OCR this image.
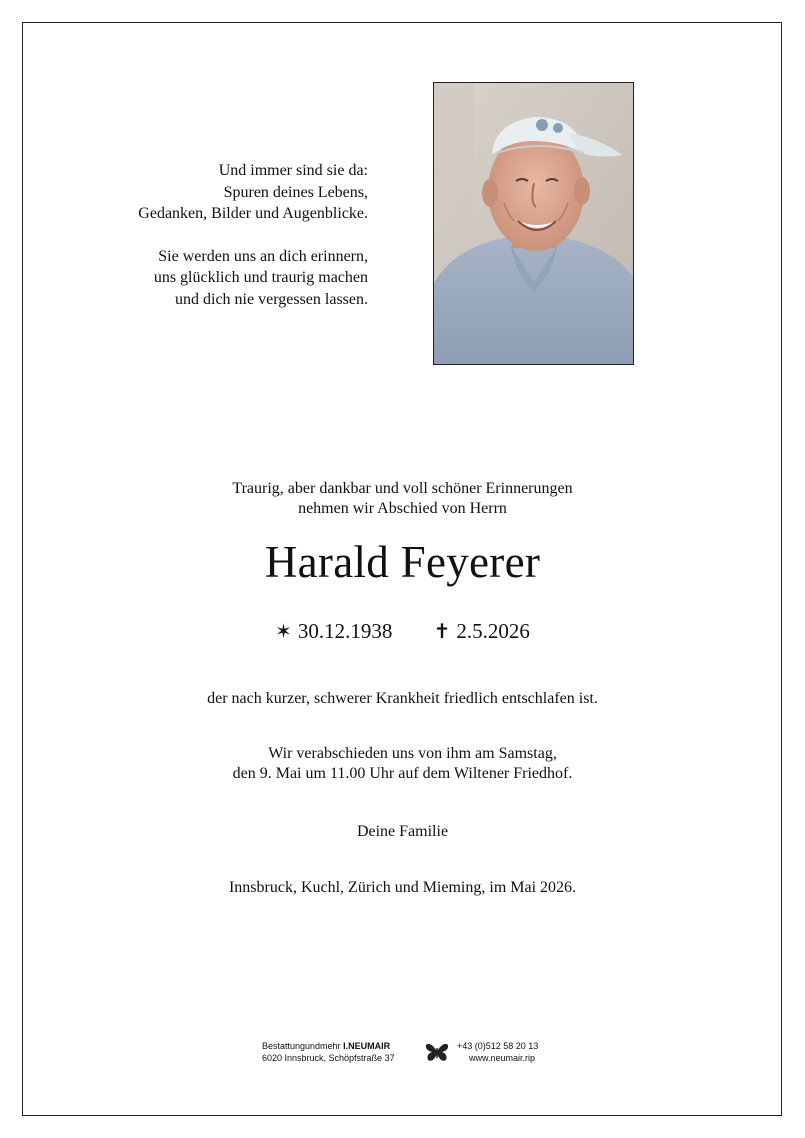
Und immer sind sie da:
Spuren deines Lebens,
Gedanken, Bilder und Augenblicke.
Sie werden uns an dich erinnern,
uns glücklich und traurig machen
und dich nie vergessen lassen.
Traurig, aber dankbar und voll schöner Erinnerungen
nehmen wir Abschied von Herrn
Harald Feyerer
✶ 30.12.1938 ✝ 2.5.2026
der nach kurzer, schwerer Krankheit friedlich entschlafen ist.
Wir verabschieden uns von ihm am Samstag,
den 9. Mai um 11.00 Uhr auf dem Wiltener Friedhof.
Deine Familie
Innsbruck, Kuchl, Zürich und Mieming, im Mai 2026.
Bestattungundmehr I.NEUMAIR
6020 Innsbruck, Schöpfstraße 37
+43 (0)512 58 20 13
www.neumair.rip
